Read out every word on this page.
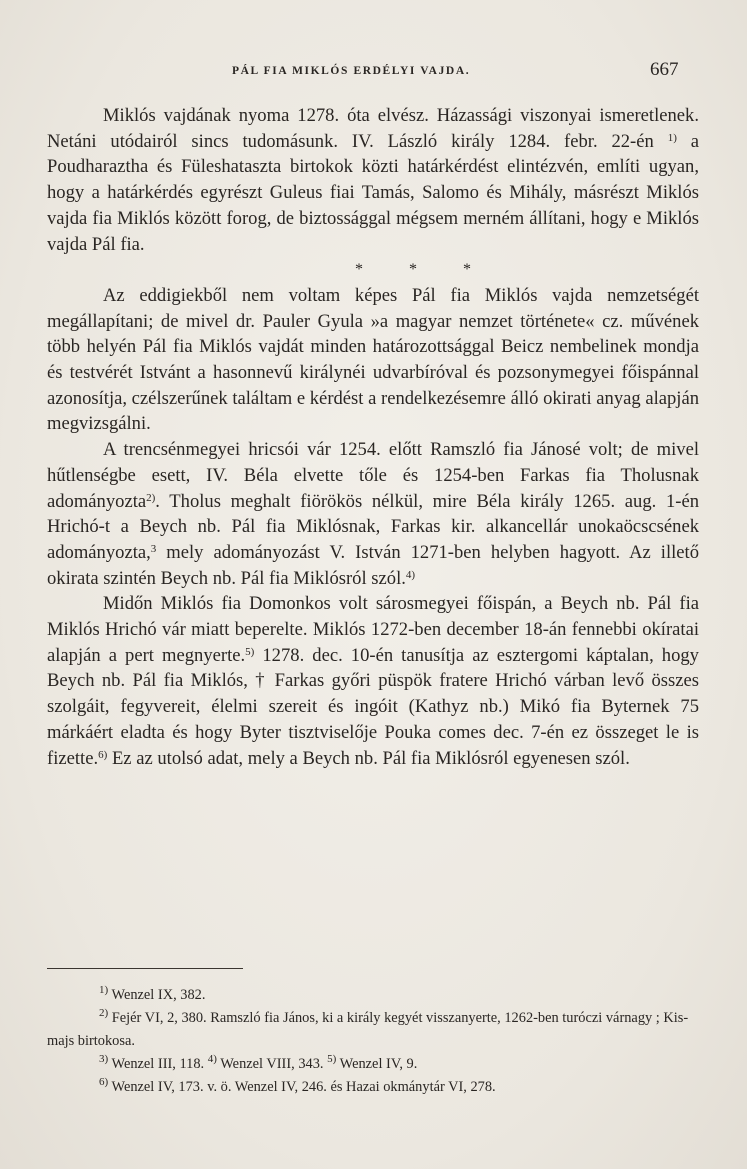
PÁL FIA MIKLÓS ERDÉLYI VAJDA.	667

Miklós vajdának nyoma 1278. óta elvész. Házassági viszonyai ismeretlenek. Netáni utódairól sincs tudomásunk. IV. László király 1284. febr. 22-én $^{1)}$ a Poudharaztha és Füleshataszta birtokok közti határkérdést elintézvén, említi ugyan, hogy a határkérdés egyrészt Guleus fiai Tamás, Salomo és Mihály, másrészt Miklós vajda fia Miklós között forog, de biztossággal mégsem merném állítani, hogy e Miklós vajda Pál fia.

*	*	*

Az eddigiekből nem voltam képes Pál fia Miklós vajda nemzetségét megállapítani; de mivel dr. Pauler Gyula »a magyar nemzet története« cz. művének több helyén Pál fia Miklós vajdát minden határozottsággal Beicz nembelinek mondja és testvérét Istvánt a hasonnevű királynéi udvarbíróval és pozsonymegyei főispánnal azonosítja, czélszerűnek találtam e kérdést a rendelkezésemre álló okirati anyag alapján megvizsgálni.

A trencsénmegyei hricsói vár 1254. előtt Ramszló fia Jánosé volt; de mivel hűtlenségbe esett, IV. Béla elvette tőle és 1254-ben Farkas fia Tholusnak adományozta$^{2)}$. Tholus meghalt fiörökös nélkül, mire Béla király 1265. aug. 1-én Hrichó-t a Beych nb. Pál fia Miklósnak, Farkas kir. alkancellár unokaöcscsének adományozta,$^3$ mely adományozást V. István 1271-ben helyben hagyott. Az illető okirata szintén Beych nb. Pál fia Miklósról szól.$^{4)}$

Midőn Miklós fia Domonkos volt sárosmegyei főispán, a Beych nb. Pál fia Miklós Hrichó vár miatt beperelte. Miklós 1272-ben december 18-án fennebbi okíratai alapján a pert megnyerte.$^{5)}$ 1278. dec. 10-én tanusítja az esztergomi káptalan, hogy Beych nb. Pál fia Miklós, † Farkas győri püspök fratere Hrichó várban levő összes szolgáit, fegyvereit, élelmi szereit és ingóit (Kathyz nb.) Mikó fia Byternek 75 márkáért eladta és hogy Byter tisztviselője Pouka comes dec. 7-én ez összeget le is fizette.$^{6)}$ Ez az utolsó adat, mely a Beych nb. Pál fia Miklósról egyenesen szól.

$^{1)}$ Wenzel IX, 382.

$^{2)}$ Fejér VI, 2, 380. Ramszló fia János, ki a király kegyét visszanyerte, 1262-ben turóczi várnagy ; Kis-majs birtokosa.

$^{3)}$ Wenzel III, 118. $^{4)}$ Wenzel VIII, 343. $^{5)}$ Wenzel IV, 9.

$^{6)}$ Wenzel IV, 173. v. ö. Wenzel IV, 246. és Hazai okmánytár VI, 278.
